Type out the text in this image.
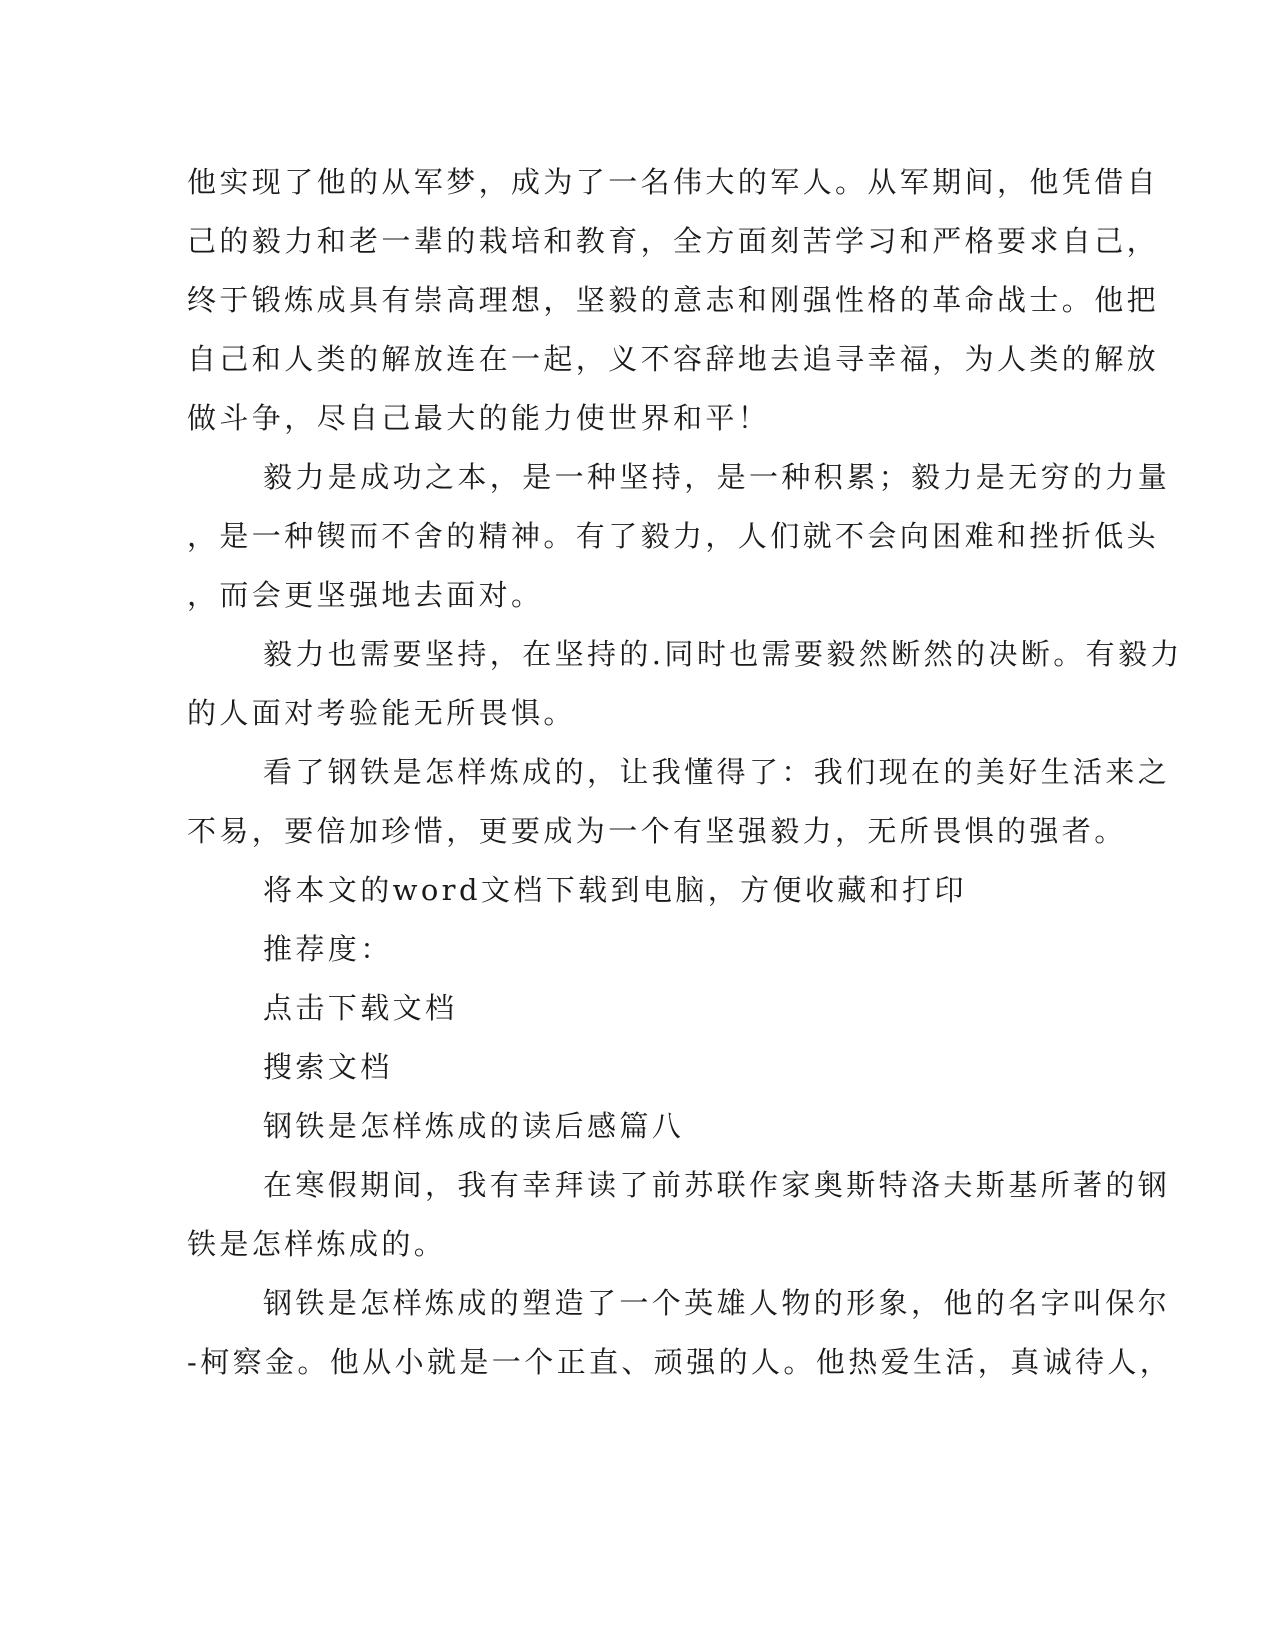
他实现了他的从军梦，成为了一名伟大的军人。从军期间，他凭借自
己的毅力和老一辈的栽培和教育，全方面刻苦学习和严格要求自己，
终于锻炼成具有崇高理想，坚毅的意志和刚强性格的革命战士。他把
自己和人类的解放连在一起，义不容辞地去追寻幸福，为人类的解放
做斗争，尽自己最大的能力使世界和平！
毅力是成功之本，是一种坚持，是一种积累；毅力是无穷的力量
，是一种锲而不舍的精神。有了毅力，人们就不会向困难和挫折低头
，而会更坚强地去面对。
毅力也需要坚持，在坚持的.同时也需要毅然断然的决断。有毅力
的人面对考验能无所畏惧。
看了钢铁是怎样炼成的，让我懂得了：我们现在的美好生活来之
不易，要倍加珍惜，更要成为一个有坚强毅力，无所畏惧的强者。
将本文的word文档下载到电脑，方便收藏和打印
推荐度：
点击下载文档
搜索文档
钢铁是怎样炼成的读后感篇八
在寒假期间，我有幸拜读了前苏联作家奥斯特洛夫斯基所著的钢
铁是怎样炼成的。
钢铁是怎样炼成的塑造了一个英雄人物的形象，他的名字叫保尔
-柯察金。他从小就是一个正直、顽强的人。他热爱生活，真诚待人，
